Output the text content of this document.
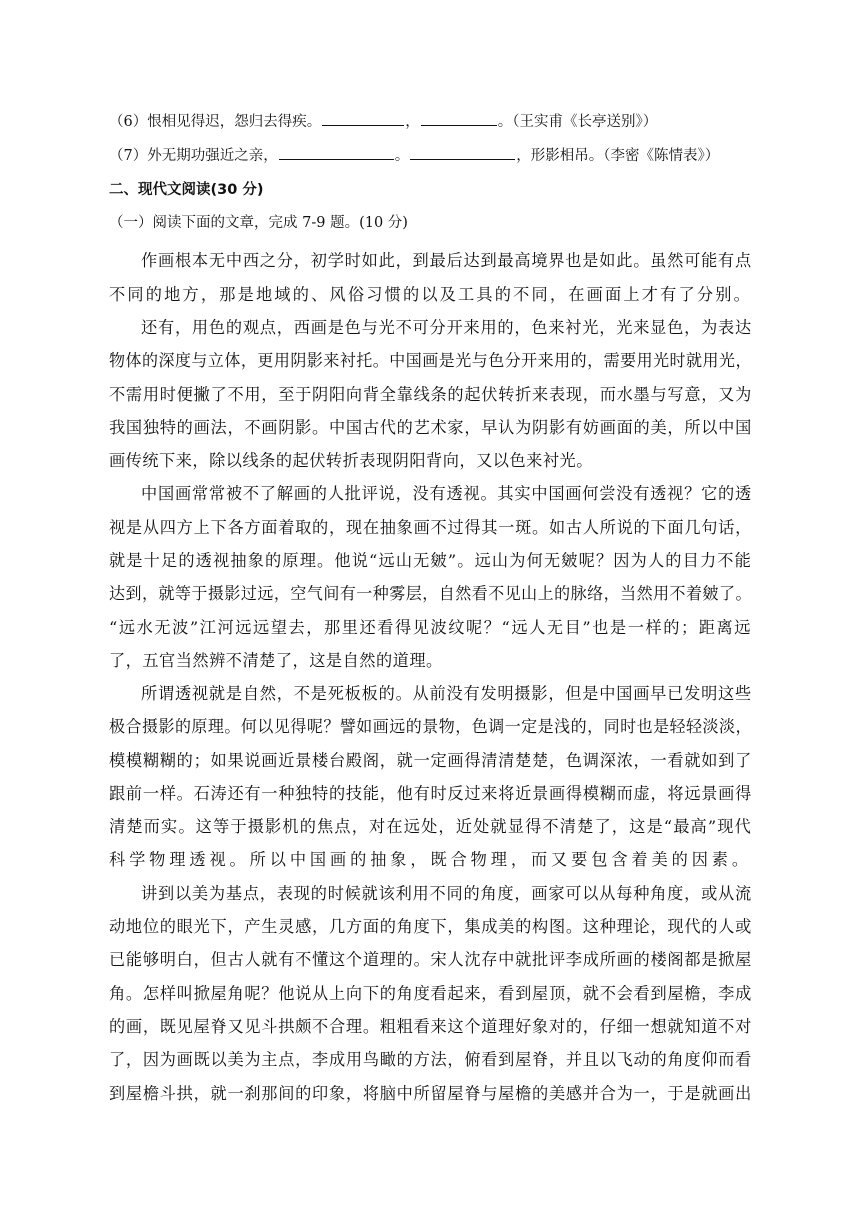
（6）恨相见得迟，怨归去得疾。	，	。（王实甫《长亭送别》）
（7）外无期功强近之亲，	。	，形影相吊。（李密《陈情表》）
二、现代文阅读(30 分)
（一）阅读下面的文章，完成 7-9 题。(10 分)
作画根本无中西之分，初学时如此，到最后达到最高境界也是如此。虽然可能有点
不同的地方，那是地域的、风俗习惯的以及工具的不同，在画面上才有了分别。
还有，用色的观点，西画是色与光不可分开来用的，色来衬光，光来显色，为表达
物体的深度与立体，更用阴影来衬托。中国画是光与色分开来用的，需要用光时就用光，
不需用时便撇了不用，至于阴阳向背全靠线条的起伏转折来表现，而水墨与写意，又为
我国独特的画法，不画阴影。中国古代的艺术家，早认为阴影有妨画面的美，所以中国
画传统下来，除以线条的起伏转折表现阴阳背向，又以色来衬光。
中国画常常被不了解画的人批评说，没有透视。其实中国画何尝没有透视？它的透
视是从四方上下各方面着取的，现在抽象画不过得其一斑。如古人所说的下面几句话，
就是十足的透视抽象的原理。他说“远山无皴”。远山为何无皴呢？因为人的目力不能
达到，就等于摄影过远，空气间有一种雾层，自然看不见山上的脉络，当然用不着皴了。
“远水无波”江河远远望去，那里还看得见波纹呢？“远人无目”也是一样的；距离远
了，五官当然辨不清楚了，这是自然的道理。
所谓透视就是自然，不是死板板的。从前没有发明摄影，但是中国画早已发明这些
极合摄影的原理。何以见得呢？譬如画远的景物，色调一定是浅的，同时也是轻轻淡淡，
模模糊糊的；如果说画近景楼台殿阁，就一定画得清清楚楚，色调深浓，一看就如到了
跟前一样。石涛还有一种独特的技能，他有时反过来将近景画得模糊而虚，将远景画得
清楚而实。这等于摄影机的焦点，对在远处，近处就显得不清楚了，这是“最高”现代
科学物理透视。所以中国画的抽象，既合物理，而又要包含着美的因素。
讲到以美为基点，表现的时候就该利用不同的角度，画家可以从每种角度，或从流
动地位的眼光下，产生灵感，几方面的角度下，集成美的构图。这种理论，现代的人或
已能够明白，但古人就有不懂这个道理的。宋人沈存中就批评李成所画的楼阁都是掀屋
角。怎样叫掀屋角呢？他说从上向下的角度看起来，看到屋顶，就不会看到屋檐，李成
的画，既见屋脊又见斗拱颇不合理。粗粗看来这个道理好象对的，仔细一想就知道不对
了，因为画既以美为主点，李成用鸟瞰的方法，俯看到屋脊，并且以飞动的角度仰而看
到屋檐斗拱，就一刹那间的印象，将脑中所留屋脊与屋檐的美感并合为一，于是就画出
